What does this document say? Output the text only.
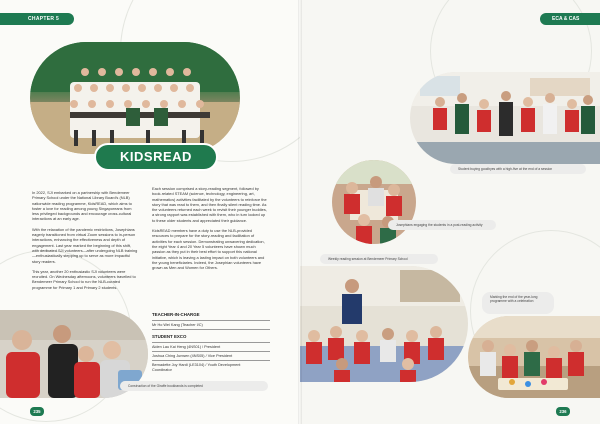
CHAPTER 5
KIDSREAD

In 2022, SJI embarked on a partnership with Bendemeer Primary School under the National Library Board's (NLB) nationwide reading programme, KidsREAD, which aims to foster a love for reading among young Singaporeans from less privileged backgrounds and encourage cross-cultural interactions at an early age.

With the relaxation of the pandemic restrictions, Josephians eagerly transitioned from virtual Zoom sessions to in-person interactions, enhancing the effectiveness and depth of engagement. Last year marked the beginning of this shift, with dedicated SJI volunteers—after undergoing NLB training—enthusiastically stepping up to serve as more impactful story readers.

This year, another 20 enthusiastic SJI volunteers were recruited. On Wednesday afternoons, volunteers travelled to Bendemeer Primary School to run the NLB-curated programme for Primary 1 and Primary 2 students.

Each session comprised a story-reading segment, followed by book-related STEAM (science, technology, engineering, art, mathematics) activities facilitated by the volunteers to reinforce the story that was read to them, and then finally silent reading time. As the volunteers returned each week to revisit their younger buddies, a strong rapport was established with them, who in turn looked up to these older students and appreciated their guidance.

KidsREAD members have a duty to use the NLB-provided resources to prepare for the story-reading and facilitation of activities for each session. Demonstrating unwavering dedication, the eight Year 4 and 20 Year 5 volunteers have shown much passion as they put in their best effort to support this national initiative, which is leaving a lasting impact on both volunteers and the young beneficiaries. Indeed, the Josephian volunteers have grown as Men and Women for Others.

TEACHER-IN-CHARGE
Mr Ho Wei Kang (Teacher I/C)
STUDENT EXCO
Aiden Lau Kai Heng (4NS01) / President
Joshua Ching Junwen (4NS05) / Vice President
Bernadette Joy Hardi (LE3104) / Youth Development
Coordinator
Construction of the Giraffe bookbands is completed
235
ECA & CAS
Student buying goodbyes with a high-five at the end of a session
Josephians engaging the students in a post-reading activity
Weekly reading session at Bendemeer Primary School
Marking the end of the year-long programme with a celebration
236
